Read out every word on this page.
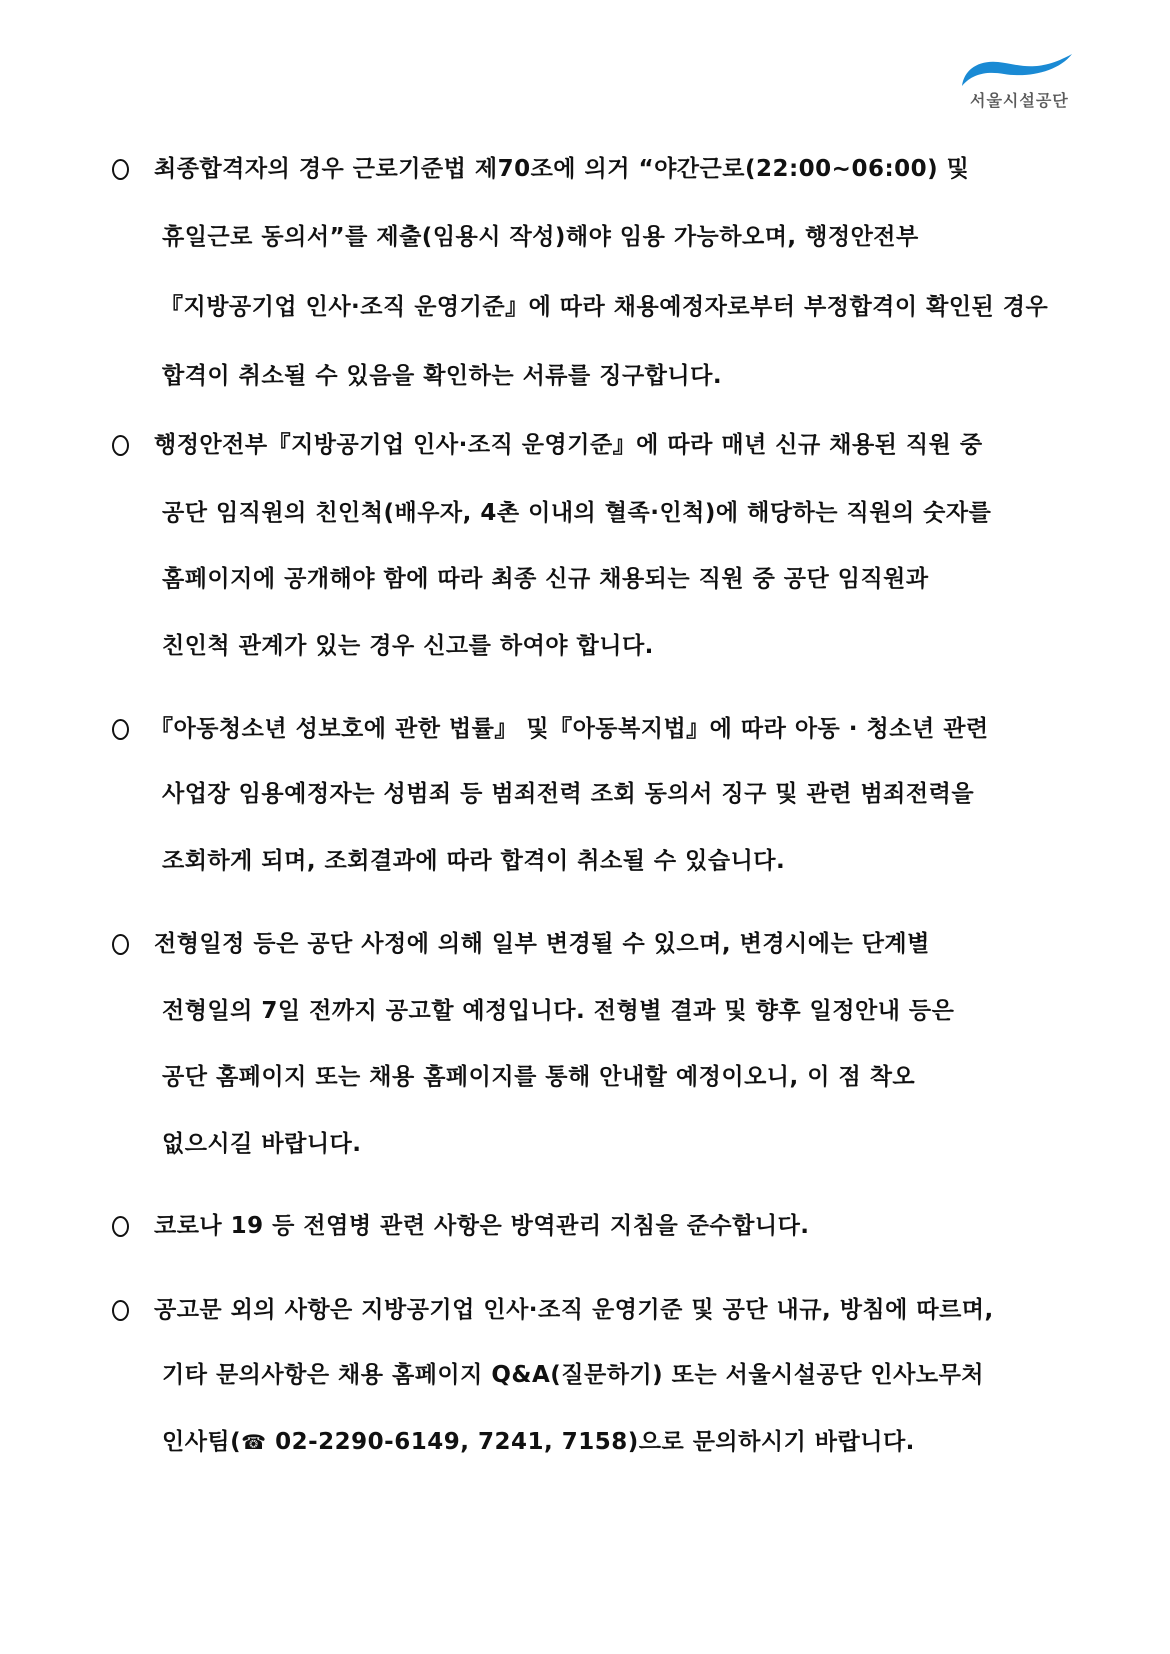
서울시설공단
최종합격자의 경우 근로기준법 제70조에 의거 “야간근로(22:00~06:00) 및
휴일근로 동의서”를 제출(임용시 작성)해야 임용 가능하오며, 행정안전부
『지방공기업 인사·조직 운영기준』에 따라 채용예정자로부터 부정합격이 확인된 경우
합격이 취소될 수 있음을 확인하는 서류를 징구합니다.
행정안전부『지방공기업 인사·조직 운영기준』에 따라 매년 신규 채용된 직원 중
공단 임직원의 친인척(배우자, 4촌 이내의 혈족·인척)에 해당하는 직원의 숫자를
홈페이지에 공개해야 함에 따라 최종 신규 채용되는 직원 중 공단 임직원과
친인척 관계가 있는 경우 신고를 하여야 합니다.
『아동청소년 성보호에 관한 법률』 및『아동복지법』에 따라 아동 · 청소년 관련
사업장 임용예정자는 성범죄 등 범죄전력 조회 동의서 징구 및 관련 범죄전력을
조회하게 되며, 조회결과에 따라 합격이 취소될 수 있습니다.
전형일정 등은 공단 사정에 의해 일부 변경될 수 있으며, 변경시에는 단계별
전형일의 7일 전까지 공고할 예정입니다. 전형별 결과 및 향후 일정안내 등은
공단 홈페이지 또는 채용 홈페이지를 통해 안내할 예정이오니, 이 점 착오
없으시길 바랍니다.
코로나 19 등 전염병 관련 사항은 방역관리 지침을 준수합니다.
공고문 외의 사항은 지방공기업 인사·조직 운영기준 및 공단 내규, 방침에 따르며,
기타 문의사항은 채용 홈페이지 Q&A(질문하기) 또는 서울시설공단 인사노무처
인사팀(☎ 02-2290-6149, 7241, 7158)으로 문의하시기 바랍니다.
